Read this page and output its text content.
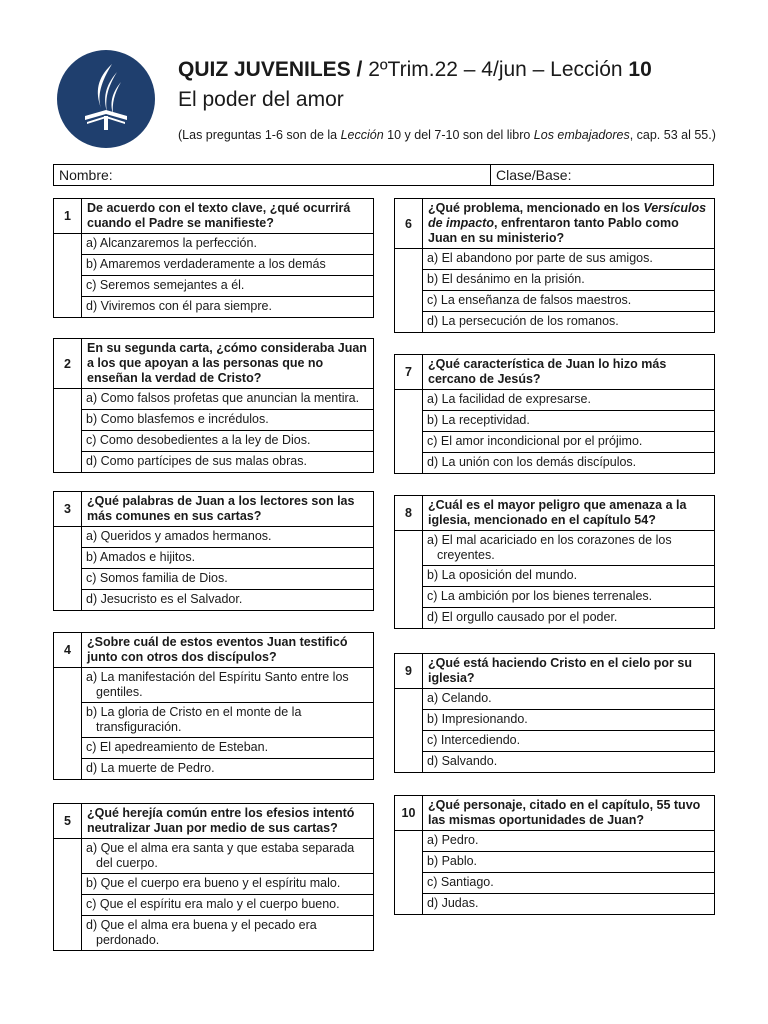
QUIZ JUVENILES / 2ºTrim.22 – 4/jun – Lección 10
El poder del amor
(Las preguntas 1-6 son de la Lección 10 y del 7-10 son del libro Los embajadores, cap. 53 al 55.)
Nombre:	Clase/Base:
1
De acuerdo con el texto clave, ¿qué ocurrirá cuando el Padre se manifieste?
a) Alcanzaremos la perfección.
b) Amaremos verdaderamente a los demás
c) Seremos semejantes a él.
d) Viviremos con él para siempre.
2
En su segunda carta, ¿cómo consideraba Juan a los que apoyan a las personas que no enseñan la verdad de Cristo?
a) Como falsos profetas que anuncian la mentira.
b) Como blasfemos e incrédulos.
c) Como desobedientes a la ley de Dios.
d) Como partícipes de sus malas obras.
3
¿Qué palabras de Juan a los lectores son las más comunes en sus cartas?
a) Queridos y amados hermanos.
b) Amados e hijitos.
c) Somos familia de Dios.
d) Jesucristo es el Salvador.
4
¿Sobre cuál de estos eventos Juan testificó junto con otros dos discípulos?
a) La manifestación del Espíritu Santo entre los gentiles.
b) La gloria de Cristo en el monte de la transfiguración.
c) El apedreamiento de Esteban.
d) La muerte de Pedro.
5
¿Qué herejía común entre los efesios intentó neutralizar Juan por medio de sus cartas?
a) Que el alma era santa y que estaba separada del cuerpo.
b) Que el cuerpo era bueno y el espíritu malo.
c) Que el espíritu era malo y el cuerpo bueno.
d) Que el alma era buena y el pecado era perdonado.
6
¿Qué problema, mencionado en los Versículos de impacto, enfrentaron tanto Pablo como Juan en su ministerio?
a) El abandono por parte de sus amigos.
b) El desánimo en la prisión.
c) La enseñanza de falsos maestros.
d) La persecución de los romanos.
7
¿Qué característica de Juan lo hizo más cercano de Jesús?
a) La facilidad de expresarse.
b) La receptividad.
c) El amor incondicional por el prójimo.
d) La unión con los demás discípulos.
8
¿Cuál es el mayor peligro que amenaza a la iglesia, mencionado en el capítulo 54?
a) El mal acariciado en los corazones de los creyentes.
b) La oposición del mundo.
c) La ambición por los bienes terrenales.
d) El orgullo causado por el poder.
9
¿Qué está haciendo Cristo en el cielo por su iglesia?
a) Celando.
b) Impresionando.
c) Intercediendo.
d) Salvando.
10
¿Qué personaje, citado en el capítulo, 55 tuvo las mismas oportunidades de Juan?
a) Pedro.
b) Pablo.
c) Santiago.
d) Judas.
